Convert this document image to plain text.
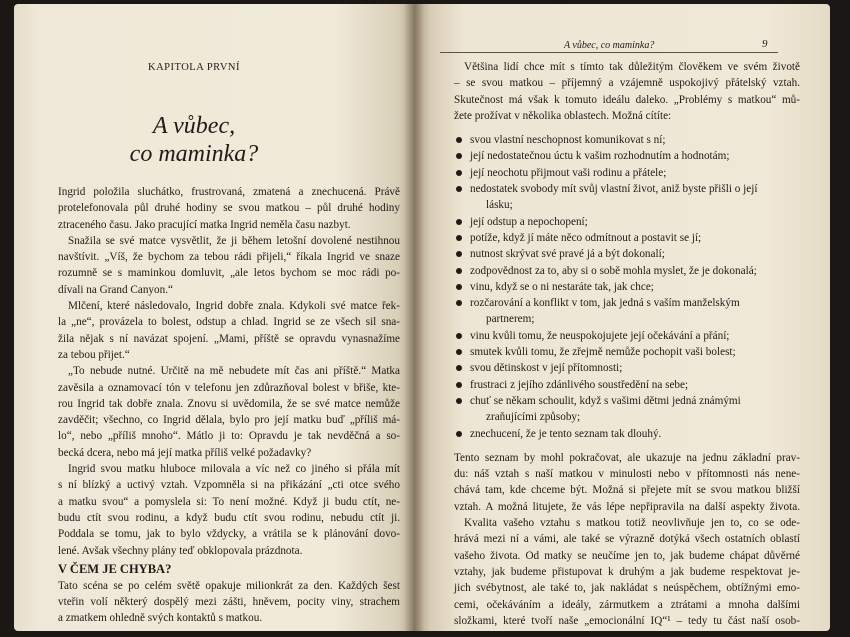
KAPITOLA PRVNÍ
A vůbec,
co maminka?
Ingrid položila sluchátko, frustrovaná, zmatená a znechucená. Právě
protelefonovala půl druhé hodiny se svou matkou – půl druhé hodiny
ztraceného času. Jako pracující matka Ingrid neměla času nazbyt.
Snažila se své matce vysvětlit, že ji během letošní dovolené nestihnou
navštívit. „Víš, že bychom za tebou rádi přijeli,“ říkala Ingrid ve snaze
rozumně se s maminkou domluvit, „ale letos bychom se moc rádi po-
dívali na Grand Canyon.“
Mlčení, které následovalo, Ingrid dobře znala. Kdykoli své matce řek-
la „ne“, provázela to bolest, odstup a chlad. Ingrid se ze všech sil sna-
žila nějak s ní navázat spojení. „Mami, příště se opravdu vynasnažíme
za tebou přijet.“
„To nebude nutné. Určitě na mě nebudete mít čas ani příště.“ Matka
zavěsila a oznamovací tón v telefonu jen zdůrazňoval bolest v břiše, kte-
rou Ingrid tak dobře znala. Znovu si uvědomila, že se své matce nemůže
zavděčit; všechno, co Ingrid dělala, bylo pro její matku buď „příliš má-
lo“, nebo „příliš mnoho“. Mátlo ji to: Opravdu je tak nevděčná a so-
becká dcera, nebo má její matka příliš velké požadavky?
Ingrid svou matku hluboce milovala a víc než co jiného si přála mít
s ní blízký a uctivý vztah. Vzpomněla si na přikázání „cti otce svého
a matku svou“ a pomyslela si: To není možné. Když ji budu ctít, ne-
budu ctít svou rodinu, a když budu ctít svou rodinu, nebudu ctít ji.
Poddala se tomu, jak to bylo vždycky, a vrátila se k plánování dovo-
lené. Avšak všechny plány teď obklopovala prázdnota.
V ČEM JE CHYBA?
Tato scéna se po celém světě opakuje milionkrát za den. Každých šest
vteřin volí některý dospělý mezi zášti, hněvem, pocity viny, strachem
a zmatkem ohledně svých kontaktů s matkou.
A vůbec, co maminka?	9
Většina lidí chce mít s tímto tak důležitým člověkem ve svém životě
– se svou matkou – příjemný a vzájemně uspokojivý přátelský vztah.
Skutečnost má však k tomuto ideálu daleko. „Problémy s matkou“ mů-
žete prožívat v několika oblastech. Možná cítíte:
svou vlastní neschopnost komunikovat s ní;
její nedostatečnou úctu k vašim rozhodnutím a hodnotám;
její neochotu přijmout vaši rodinu a přátele;
nedostatek svobody mít svůj vlastní život, aniž byste přišli o její
lásku;
její odstup a nepochopení;
potíže, když jí máte něco odmítnout a postavit se jí;
nutnost skrývat své pravé já a být dokonalí;
zodpovědnost za to, aby si o sobě mohla myslet, že je dokonalá;
vinu, když se o ni nestaráte tak, jak chce;
rozčarování a konflikt v tom, jak jedná s vaším manželským
partnerem;
vinu kvůli tomu, že neuspokojujete její očekávání a přání;
smutek kvůli tomu, že zřejmě nemůže pochopit vaši bolest;
svou dětinskost v její přítomnosti;
frustraci z jejího zdánlivého soustředění na sebe;
chuť se někam schoulit, když s vašimi dětmi jedná známými
zraňujícími způsoby;
znechucení, že je tento seznam tak dlouhý.
Tento seznam by mohl pokračovat, ale ukazuje na jednu základní prav-
du: náš vztah s naší matkou v minulosti nebo v přítomnosti nás nene-
chává tam, kde chceme být. Možná si přejete mít se svou matkou bližší
vztah. A možná litujete, že vás lépe nepřipravila na další aspekty života.
Kvalita vašeho vztahu s matkou totiž neovlivňuje jen to, co se ode-
hrává mezi ní a vámi, ale také se výrazně dotýká všech ostatních oblastí
vašeho života. Od matky se neučíme jen to, jak budeme chápat důvěrné
vztahy, jak budeme přistupovat k druhým a jak budeme respektovat je-
jich svébytnost, ale také to, jak nakládat s neúspěchem, obtížnými emo-
cemi, očekáváním a ideály, zármutkem a ztrátami a mnoha dalšími
složkami, které tvoří naše „emocionální IQ“¹ – tedy tu část naší osob-
